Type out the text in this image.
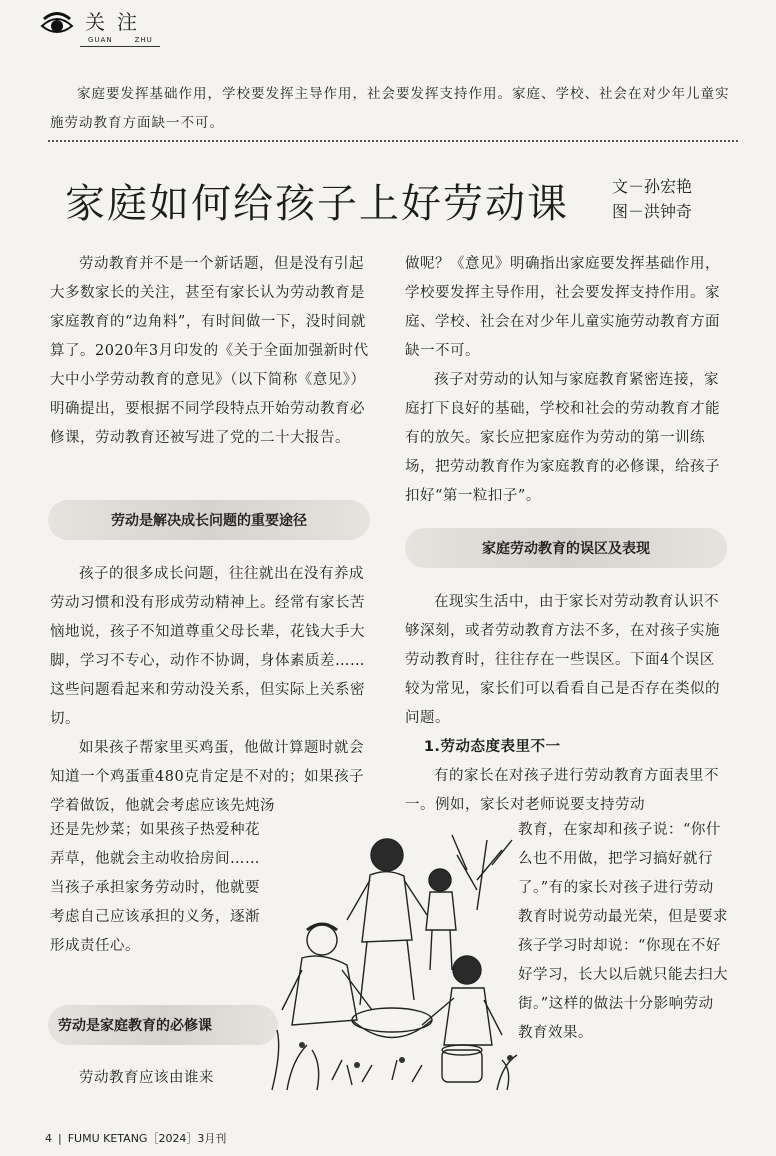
关注
GUAN	ZHU

家庭要发挥基础作用，学校要发挥主导作用，社会要发挥支持作用。家庭、学校、社会在对少年儿童实施劳动教育方面缺一不可。

家庭如何给孩子上好劳动课	文－孙宏艳
图－洪钟奇

劳动教育并不是一个新话题，但是没有引起大多数家长的关注，甚至有家长认为劳动教育是家庭教育的“边角料”，有时间做一下，没时间就算了。2020年3月印发的《关于全面加强新时代大中小学劳动教育的意见》（以下简称《意见》）明确提出，要根据不同学段特点开始劳动教育必修课，劳动教育还被写进了党的二十大报告。

劳动是解决成长问题的重要途径

孩子的很多成长问题，往往就出在没有养成劳动习惯和没有形成劳动精神上。经常有家长苦恼地说，孩子不知道尊重父母长辈，花钱大手大脚，学习不专心，动作不协调，身体素质差……这些问题看起来和劳动没关系，但实际上关系密切。

如果孩子帮家里买鸡蛋，他做计算题时就会知道一个鸡蛋重480克肯定是不对的；如果孩子学着做饭，他就会考虑应该先炖汤

还是先炒菜；如果孩子热爱种花弄草，他就会主动收拾房间……当孩子承担家务劳动时，他就要考虑自己应该承担的义务，逐渐形成责任心。

劳动是家庭教育的必修课

劳动教育应该由谁来

做呢？《意见》明确指出家庭要发挥基础作用，学校要发挥主导作用，社会要发挥支持作用。家庭、学校、社会在对少年儿童实施劳动教育方面缺一不可。

孩子对劳动的认知与家庭教育紧密连接，家庭打下良好的基础，学校和社会的劳动教育才能有的放矢。家长应把家庭作为劳动的第一训练场，把劳动教育作为家庭教育的必修课，给孩子扣好“第一粒扣子”。

家庭劳动教育的误区及表现

在现实生活中，由于家长对劳动教育认识不够深刻，或者劳动教育方法不多，在对孩子实施劳动教育时，往往存在一些误区。下面4个误区较为常见，家长们可以看看自己是否存在类似的问题。

1.劳动态度表里不一

有的家长在对孩子进行劳动教育方面表里不一。例如，家长对老师说要支持劳动

教育，在家却和孩子说：“你什么也不用做，把学习搞好就行了。”有的家长对孩子进行劳动教育时说劳动最光荣，但是要求孩子学习时却说：“你现在不好好学习，长大以后就只能去扫大街。”这样的做法十分影响劳动教育效果。

4 | FUMU KETANG［2024］3月刊
